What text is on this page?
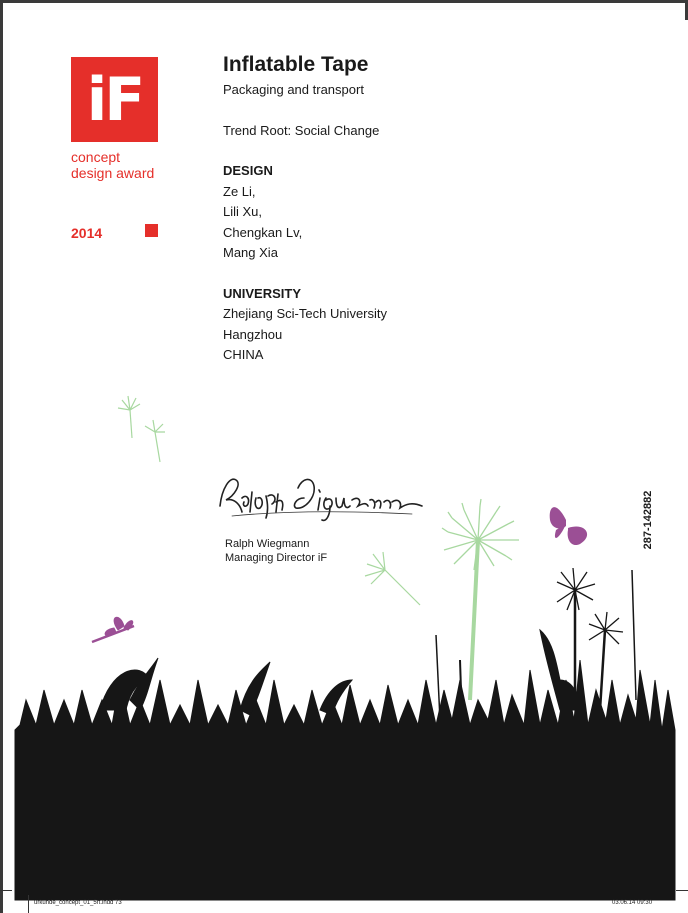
iF
concept
design award
2014

Inflatable Tape

Packaging and transport

Trend Root: Social Change

DESIGN

Ze Li,

Lili Xu,

Chengkan Lv,

Mang Xia

UNIVERSITY

Zhejiang Sci-Tech University

Hangzhou

CHINA

Ralph Wiegmann
Managing Director iF
287-142882
urkunde_concept_01_5rt.indd 73	03.06.14 09:30
